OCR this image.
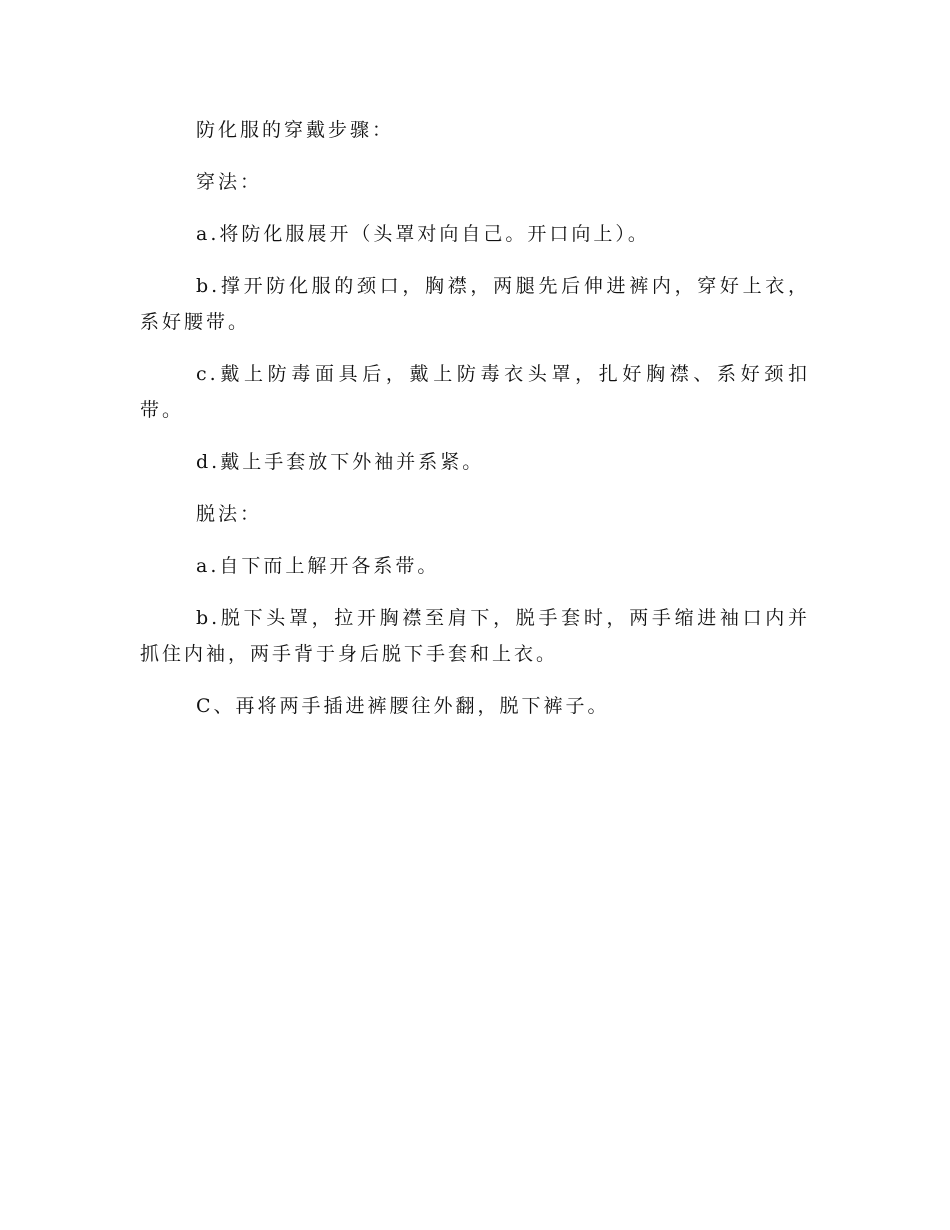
防化服的穿戴步骤：

穿法：

a.将防化服展开（头罩对向自己。开口向上）。

b.撑开防化服的颈口，胸襟，两腿先后伸进裤内，穿好上衣，系好腰带。

c.戴上防毒面具后，戴上防毒衣头罩，扎好胸襟、系好颈扣带。

d.戴上手套放下外袖并系紧。

脱法：

a.自下而上解开各系带。

b.脱下头罩，拉开胸襟至肩下，脱手套时，两手缩进袖口内并抓住内袖，两手背于身后脱下手套和上衣。

C、再将两手插进裤腰往外翻，脱下裤子。
